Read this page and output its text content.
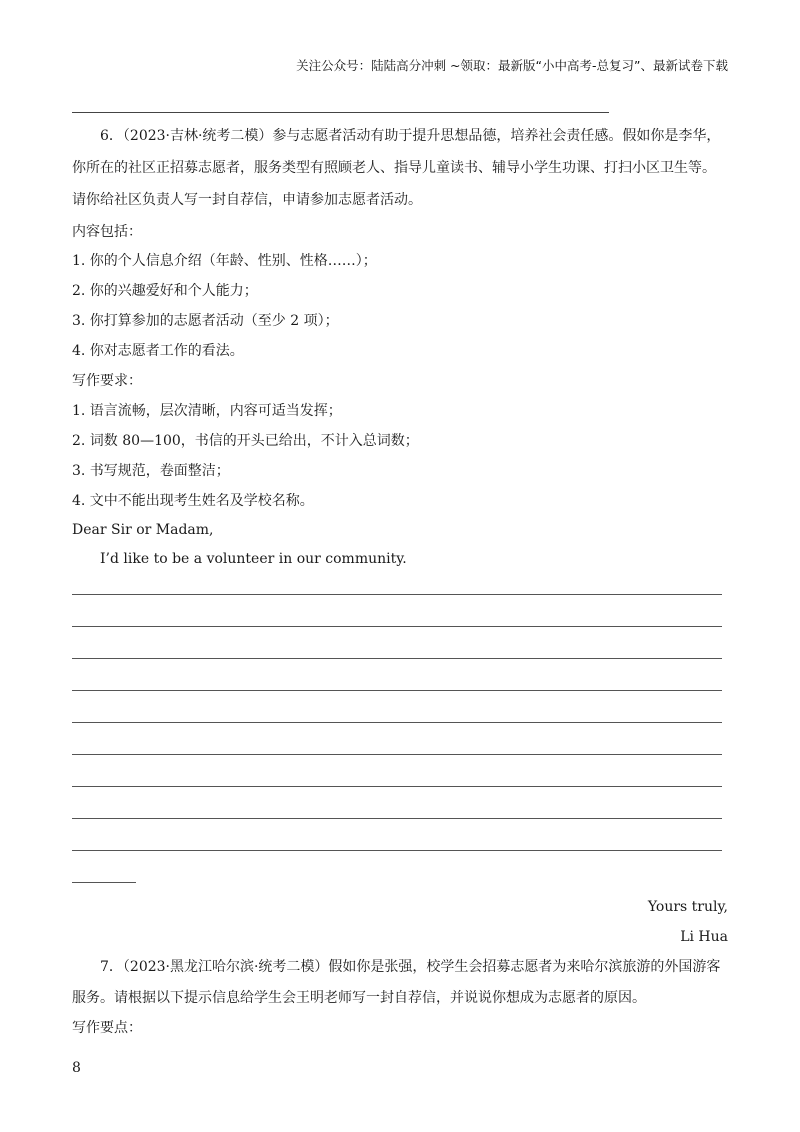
关注公众号：陆陆高分冲刺 ~领取：最新版“小中高考-总复习”、最新试卷下载
6．（2023·吉林·统考二模）参与志愿者活动有助于提升思想品德，培养社会责任感。假如你是李华，
你所在的社区正招募志愿者，服务类型有照顾老人、指导儿童读书、辅导小学生功课、打扫小区卫生等。
请你给社区负责人写一封自荐信，申请参加志愿者活动。
内容包括：
1. 你的个人信息介绍（年龄、性别、性格……）；
2. 你的兴趣爱好和个人能力；
3. 你打算参加的志愿者活动（至少 2 项）；
4. 你对志愿者工作的看法。
写作要求：
1. 语言流畅，层次清晰，内容可适当发挥；
2. 词数 80—100，书信的开头已给出，不计入总词数；
3. 书写规范，卷面整洁；
4. 文中不能出现考生姓名及学校名称。
Dear Sir or Madam,
I’d like to be a volunteer in our community.
Yours truly,
Li Hua
7．（2023·黑龙江哈尔滨·统考二模）假如你是张强，校学生会招募志愿者为来哈尔滨旅游的外国游客
服务。请根据以下提示信息给学生会王明老师写一封自荐信，并说说你想成为志愿者的原因。
写作要点：
8
